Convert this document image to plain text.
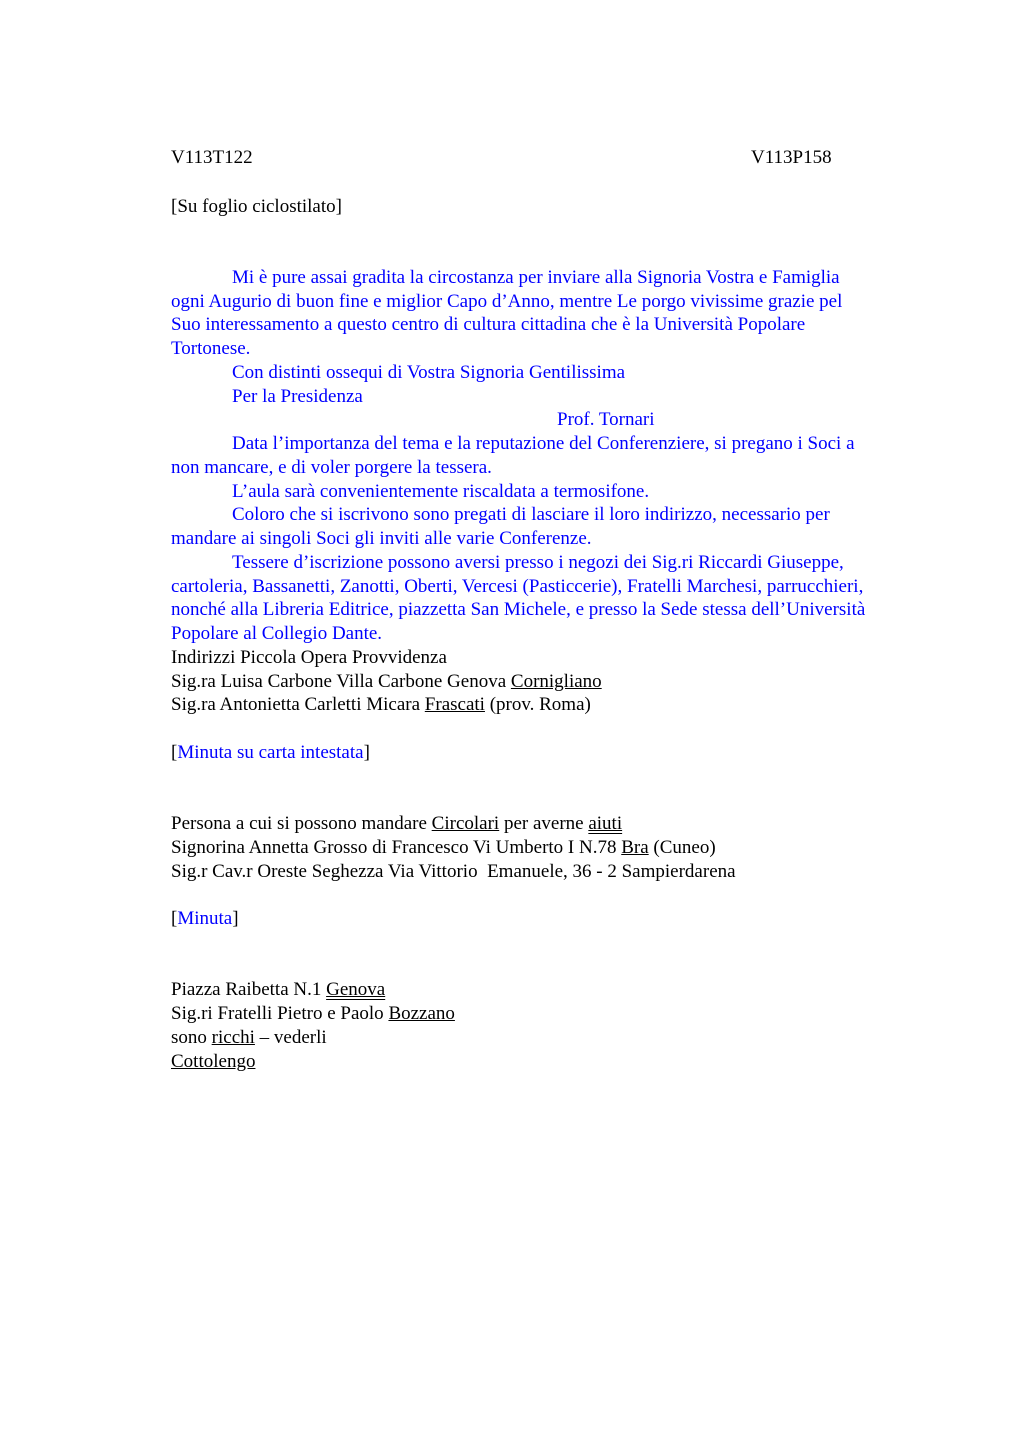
V113T122	V113P158
[Su foglio ciclostilato]
Mi è pure assai gradita la circostanza per inviare alla Signoria Vostra e Famiglia
ogni Augurio di buon fine e miglior Capo d’Anno, mentre Le porgo vivissime grazie pel
Suo interessamento a questo centro di cultura cittadina che è la Università Popolare
Tortonese.
Con distinti ossequi di Vostra Signoria Gentilissima
Per la Presidenza
Prof. Tornari
Data l’importanza del tema e la reputazione del Conferenziere, si pregano i Soci a
non mancare, e di voler porgere la tessera.
L’aula sarà convenientemente riscaldata a termosifone.
Coloro che si iscrivono sono pregati di lasciare il loro indirizzo, necessario per
mandare ai singoli Soci gli inviti alle varie Conferenze.
Tessere d’iscrizione possono aversi presso i negozi dei Sig.ri Riccardi Giuseppe,
cartoleria, Bassanetti, Zanotti, Oberti, Vercesi (Pasticcerie), Fratelli Marchesi, parrucchieri,
nonché alla Libreria Editrice, piazzetta San Michele, e presso la Sede stessa dell’Università
Popolare al Collegio Dante.
Indirizzi Piccola Opera Provvidenza
Sig.ra Luisa Carbone Villa Carbone Genova Cornigliano
Sig.ra Antonietta Carletti Micara Frascati (prov. Roma)
[Minuta su carta intestata]
Persona a cui si possono mandare Circolari per averne aiuti
Signorina Annetta Grosso di Francesco Vi Umberto I N.78 Bra (Cuneo)
Sig.r Cav.r Oreste Seghezza Via Vittorio  Emanuele, 36 - 2 Sampierdarena
[Minuta]
Piazza Raibetta N.1 Genova
Sig.ri Fratelli Pietro e Paolo Bozzano
sono ricchi – vederli
Cottolengo
